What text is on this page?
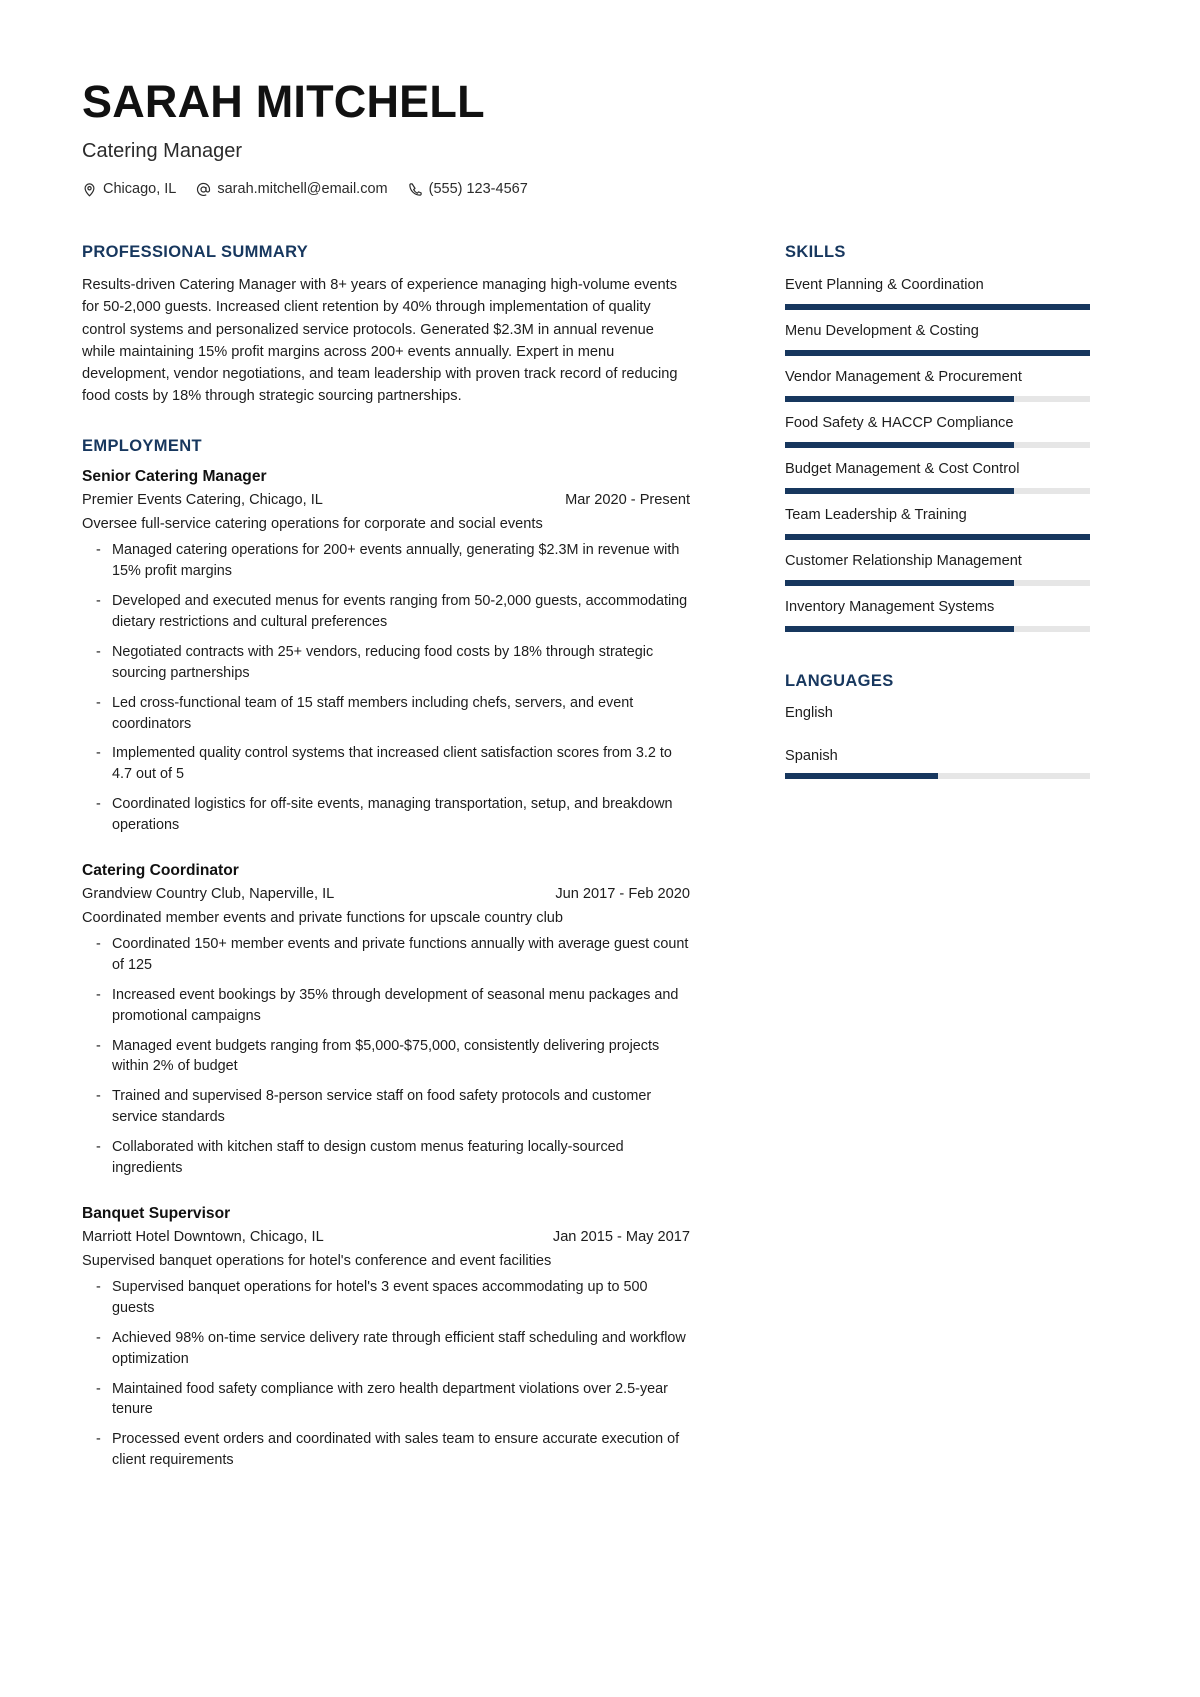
SARAH MITCHELL
Catering Manager
Chicago, IL	sarah.mitchell@email.com	(555) 123-4567
PROFESSIONAL SUMMARY

Results-driven Catering Manager with 8+ years of experience managing high-volume events for 50-2,000 guests. Increased client retention by 40% through implementation of quality control systems and personalized service protocols. Generated $2.3M in annual revenue while maintaining 15% profit margins across 200+ events annually. Expert in menu development, vendor negotiations, and team leadership with proven track record of reducing food costs by 18% through strategic sourcing partnerships.

EMPLOYMENT
Senior Catering Manager
Premier Events Catering, Chicago, IL	Mar 2020 - Present
Oversee full-service catering operations for corporate and social events
- Managed catering operations for 200+ events annually, generating $2.3M in revenue with 15% profit margins
- Developed and executed menus for events ranging from 50-2,000 guests, accommodating dietary restrictions and cultural preferences
- Negotiated contracts with 25+ vendors, reducing food costs by 18% through strategic sourcing partnerships
- Led cross-functional team of 15 staff members including chefs, servers, and event coordinators
- Implemented quality control systems that increased client satisfaction scores from 3.2 to 4.7 out of 5
- Coordinated logistics for off-site events, managing transportation, setup, and breakdown operations
Catering Coordinator
Grandview Country Club, Naperville, IL	Jun 2017 - Feb 2020
Coordinated member events and private functions for upscale country club
- Coordinated 150+ member events and private functions annually with average guest count of 125
- Increased event bookings by 35% through development of seasonal menu packages and promotional campaigns
- Managed event budgets ranging from $5,000-$75,000, consistently delivering projects within 2% of budget
- Trained and supervised 8-person service staff on food safety protocols and customer service standards
- Collaborated with kitchen staff to design custom menus featuring locally-sourced ingredients
Banquet Supervisor
Marriott Hotel Downtown, Chicago, IL	Jan 2015 - May 2017
Supervised banquet operations for hotel's conference and event facilities
- Supervised banquet operations for hotel's 3 event spaces accommodating up to 500 guests
- Achieved 98% on-time service delivery rate through efficient staff scheduling and workflow optimization
- Maintained food safety compliance with zero health department violations over 2.5-year tenure
- Processed event orders and coordinated with sales team to ensure accurate execution of client requirements
SKILLS
Event Planning & Coordination
Menu Development & Costing
Vendor Management & Procurement
Food Safety & HACCP Compliance
Budget Management & Cost Control
Team Leadership & Training
Customer Relationship Management
Inventory Management Systems
LANGUAGES
English
Spanish
